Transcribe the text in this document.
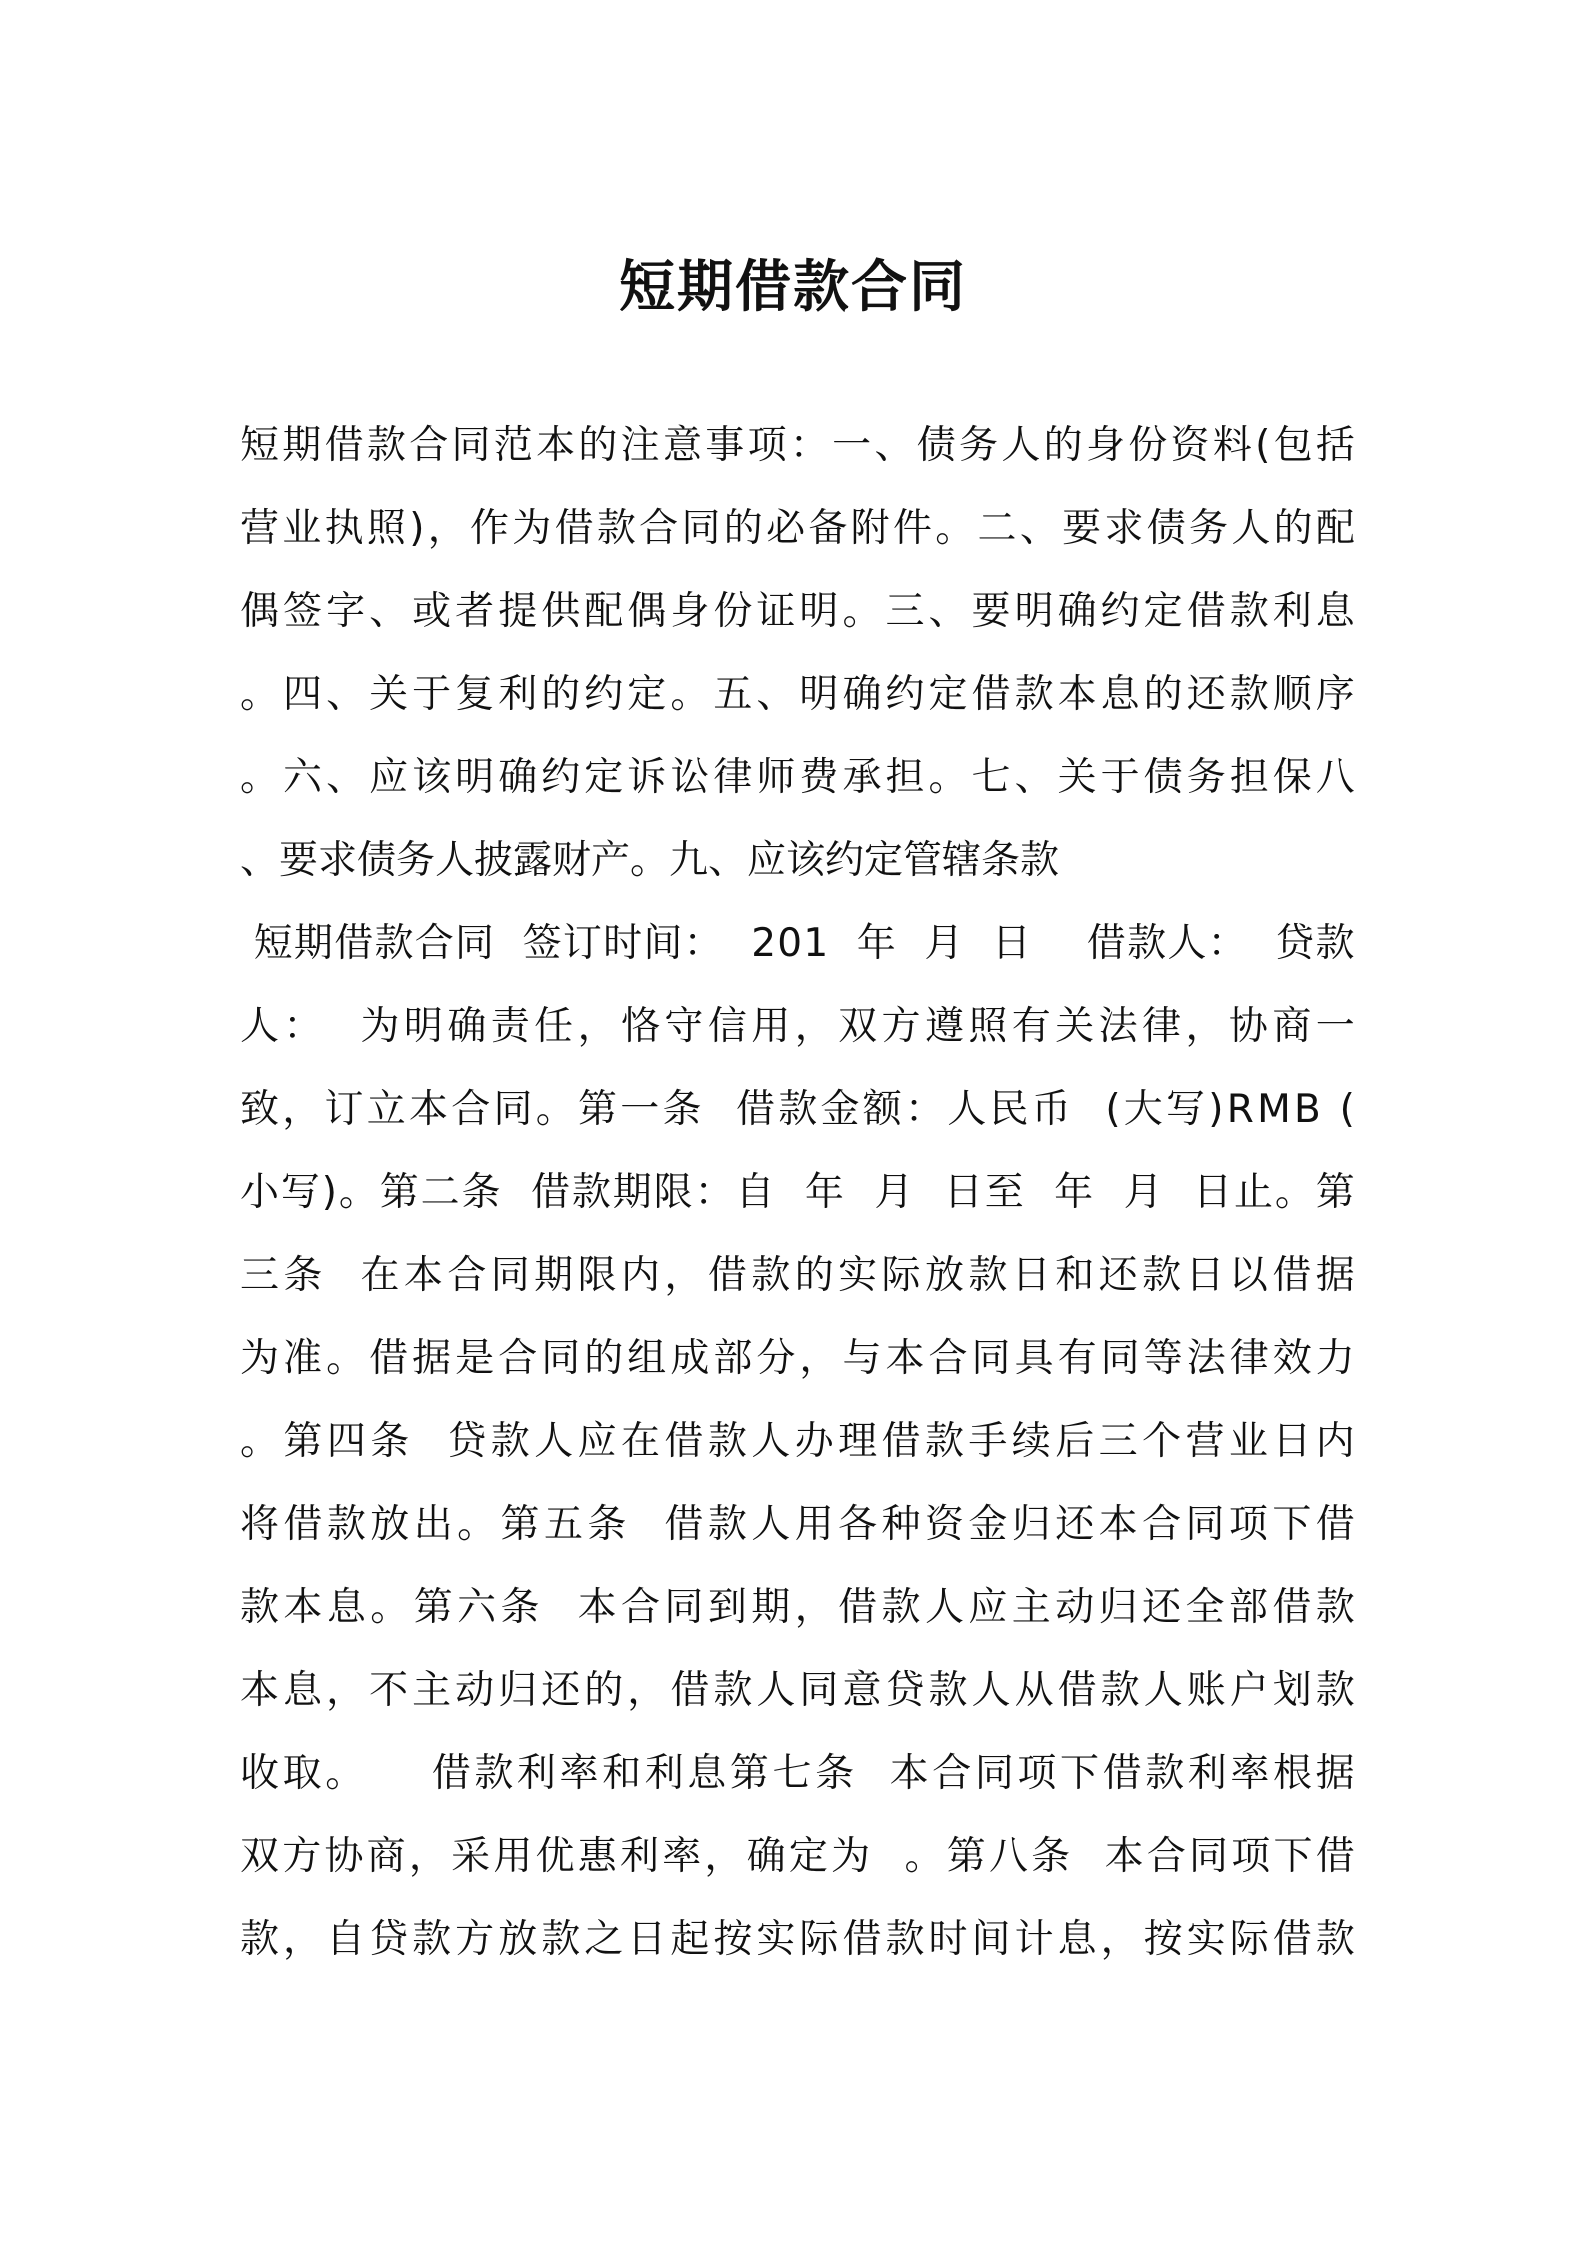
短期借款合同

短 期 借 款 合 同 范 本 的 注 意 事 项 ： 一 、 债 务 人 的 身 份 资 料 ( 包 括

营 业 执 照 ) ， 作 为 借 款 合 同 的 必 备 附 件 。 二 、 要 求 债 务 人 的 配

偶 签 字 、 或 者 提 供 配 偶 身 份 证 明 。 三 、 要 明 确 约 定 借 款 利 息

。 四 、 关 于 复 利 的 约 定 。 五 、 明 确 约 定 借 款 本 息 的 还 款 顺 序

。 六 、 应 该 明 确 约 定 诉 讼 律 师 费 承 担 。 七 、 关 于 债 务 担 保 八

、要求债务人披露财产。九、应该约定管辖条款

短 期 借 款 合 同

签 订 时 间 ：

2 0 1

年

月

日

借 款 人 ：

贷 款

人 ：

为 明 确 责 任 ， 恪 守 信 用 ， 双 方 遵 照 有 关 法 律 ， 协 商 一

致 ， 订 立 本 合 同 。 第 一 条

借 款 金 额 ： 人 民 币

( 大 写 ) R M B
(

小 写 ) 。 第 二 条

借 款 期 限 ： 自

年

月

日 至

年

月

日 止 。 第

三 条

在 本 合 同 期 限 内 ， 借 款 的 实 际 放 款 日 和 还 款 日 以 借 据

为 准 。 借 据 是 合 同 的 组 成 部 分 ， 与 本 合 同 具 有 同 等 法 律 效 力

。 第 四 条

贷 款 人 应 在 借 款 人 办 理 借 款 手 续 后 三 个 营 业 日 内

将 借 款 放 出 。 第 五 条

借 款 人 用 各 种 资 金 归 还 本 合 同 项 下 借

款 本 息 。 第 六 条

本 合 同 到 期 ， 借 款 人 应 主 动 归 还 全 部 借 款

本 息 ， 不 主 动 归 还 的 ， 借 款 人 同 意 贷 款 人 从 借 款 人 账 户 划 款

收 取 。

借 款 利 率 和 利 息 第 七 条

本 合 同 项 下 借 款 利 率 根 据

双 方 协 商 ， 采 用 优 惠 利 率 ， 确 定 为

。 第 八 条

本 合 同 项 下 借

款 ， 自 贷 款 方 放 款 之 日 起 按 实 际 借 款 时 间 计 息 ， 按 实 际 借 款
